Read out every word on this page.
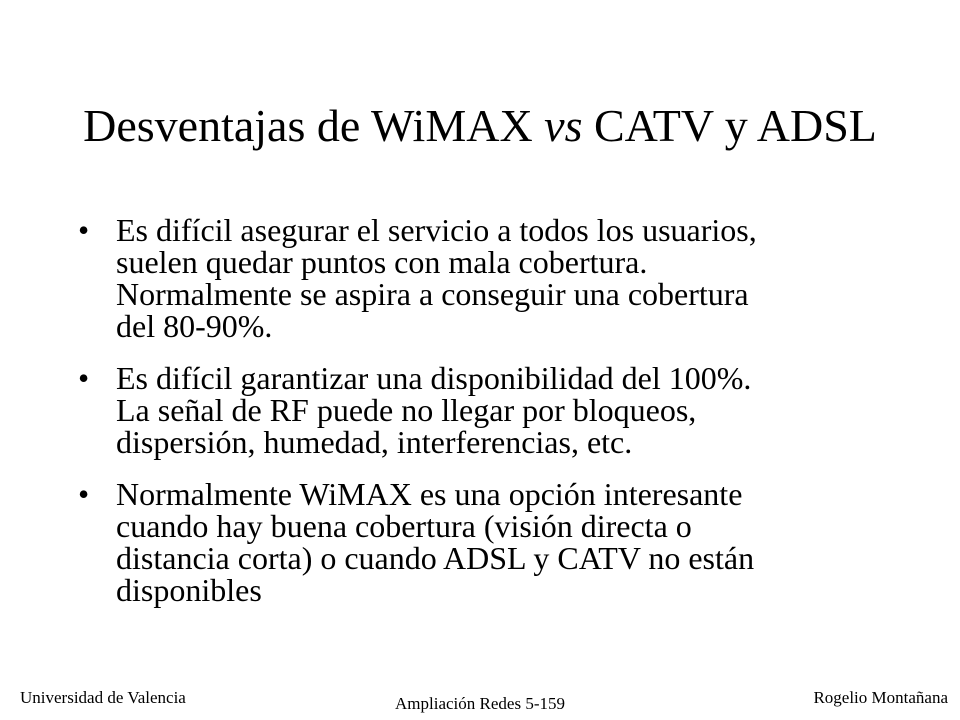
Desventajas de WiMAX vs CATV y ADSL
• Es difícil asegurar el servicio a todos los usuarios,
suelen quedar puntos con mala cobertura.
Normalmente se aspira a conseguir una cobertura
del 80-90%.
• Es difícil garantizar una disponibilidad del 100%.
La señal de RF puede no llegar por bloqueos,
dispersión, humedad, interferencias, etc.
• Normalmente WiMAX es una opción interesante
cuando hay buena cobertura (visión directa o
distancia corta) o cuando ADSL y CATV no están
disponibles
Universidad de Valencia	Ampliación Redes 5-159	Rogelio Montañana
